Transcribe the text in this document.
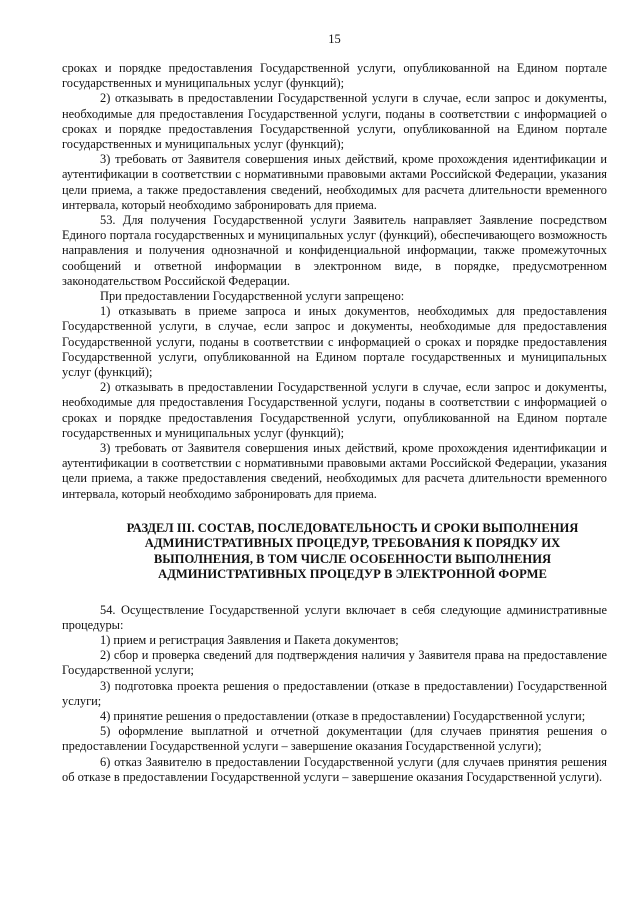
15

сроках и порядке предоставления Государственной услуги, опубликованной на Едином портале государственных и муниципальных услуг (функций);

2) отказывать в предоставлении Государственной услуги в случае, если запрос и документы, необходимые для предоставления Государственной услуги, поданы в соответствии с информацией о сроках и порядке предоставления Государственной услуги, опубликованной на Едином портале государственных и муниципальных услуг (функций);

3) требовать от Заявителя совершения иных действий, кроме прохождения идентификации и аутентификации в соответствии с нормативными правовыми актами Российской Федерации, указания цели приема, а также предоставления сведений, необходимых для расчета длительности временного интервала, который необходимо забронировать для приема.

53. Для получения Государственной услуги Заявитель направляет Заявление посредством Единого портала государственных и муниципальных услуг (функций), обеспечивающего возможность направления и получения однозначной и конфиденциальной информации, также промежуточных сообщений и ответной информации в электронном виде, в порядке, предусмотренном законодательством Российской Федерации.

При предоставлении Государственной услуги запрещено:

1) отказывать в приеме запроса и иных документов, необходимых для предоставления Государственной услуги, в случае, если запрос и документы, необходимые для предоставления Государственной услуги, поданы в соответствии с информацией о сроках и порядке предоставления Государственной услуги, опубликованной на Едином портале государственных и муниципальных услуг (функций);

2) отказывать в предоставлении Государственной услуги в случае, если запрос и документы, необходимые для предоставления Государственной услуги, поданы в соответствии с информацией о сроках и порядке предоставления Государственной услуги, опубликованной на Едином портале государственных и муниципальных услуг (функций);

3) требовать от Заявителя совершения иных действий, кроме прохождения идентификации и аутентификации в соответствии с нормативными правовыми актами Российской Федерации, указания цели приема, а также предоставления сведений, необходимых для расчета длительности временного интервала, который необходимо забронировать для приема.

РАЗДЕЛ III. СОСТАВ, ПОСЛЕДОВАТЕЛЬНОСТЬ И СРОКИ ВЫПОЛНЕНИЯ
АДМИНИСТРАТИВНЫХ ПРОЦЕДУР, ТРЕБОВАНИЯ К ПОРЯДКУ ИХ
ВЫПОЛНЕНИЯ, В ТОМ ЧИСЛЕ ОСОБЕННОСТИ ВЫПОЛНЕНИЯ
АДМИНИСТРАТИВНЫХ ПРОЦЕДУР В ЭЛЕКТРОННОЙ ФОРМЕ

54. Осуществление Государственной услуги включает в себя следующие административные процедуры:

1) прием и регистрация Заявления и Пакета документов;

2) сбор и проверка сведений для подтверждения наличия у Заявителя права на предоставление Государственной услуги;

3) подготовка проекта решения о предоставлении (отказе в предоставлении) Государственной услуги;

4) принятие решения о предоставлении (отказе в предоставлении) Государственной услуги;

5) оформление выплатной и отчетной документации (для случаев принятия решения о предоставлении Государственной услуги – завершение оказания Государственной услуги);

6) отказ Заявителю в предоставлении Государственной услуги (для случаев принятия решения об отказе в предоставлении Государственной услуги – завершение оказания Государственной услуги).
